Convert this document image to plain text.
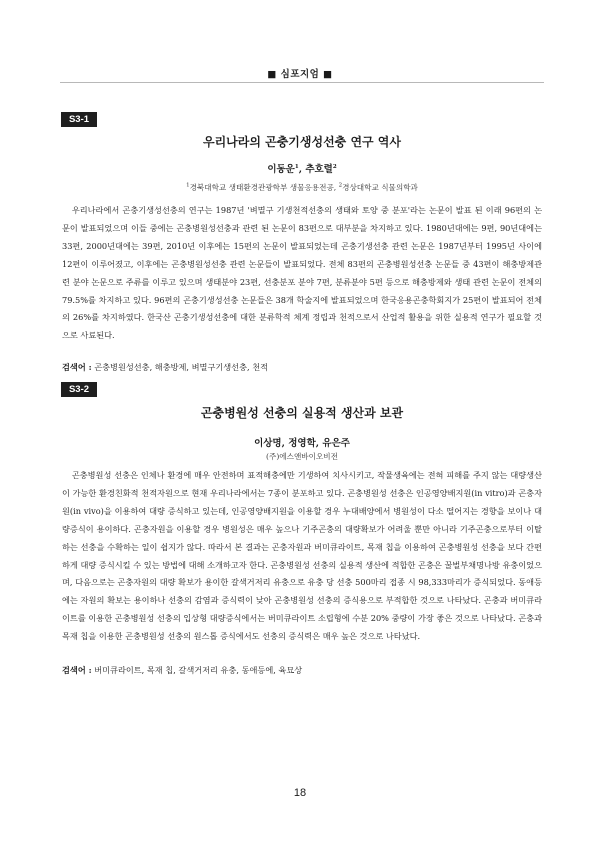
■ 심포지엄 ■
S3-1
우리나라의 곤충기생성선충 연구 역사
이동운$^1$, 추호렬$^2$
$^1$경북대학교 생태환경관광학부 생물응용전공, $^2$경상대학교 식물의학과

우리나라에서 곤충기생성선충의 연구는 1987년 '벼멸구 기생천적선충의 생태와 토양 중 분포'라는 논문이 발표 된 이래 96편의 논문이 발표되었으며 이들 중에는 곤충병원성선충과 관련 된 논문이 83편으로 대부분을 차지하고 있다. 1980년대에는 9편, 90년대에는 33편, 2000년대에는 39편, 2010년 이후에는 15편의 논문이 발표되었는데 곤충기생선충 관련 논문은 1987년부터 1995년 사이에 12편이 이루어졌고, 이후에는 곤충병원성선충 관련 논문들이 발표되었다. 전체 83편의 곤충병원성선충 논문들 중 43편이 해충방제관련 분야 논문으로 주류를 이루고 있으며 생태분야 23편, 선충분포 분야 7편, 분류분야 5편 등으로 해충방제와 생태 관련 논문이 전체의 79.5%를 차지하고 있다. 96편의 곤충기생성선충 논문들은 38개 학술지에 발표되었으며 한국응용곤충학회지가 25편이 발표되어 전체의 26%를 차지하였다. 한국산 곤충기생성선충에 대한 분류학적 체계 정립과 천적으로서 산업적 활용을 위한 실용적 연구가 필요할 것으로 사료된다.

검색어 : 곤충병원성선충, 해충방제, 벼멸구기생선충, 천적
S3-2
곤충병원성 선충의 실용적 생산과 보관
이상명, 정영학, 유은주
(주)에스앤바이오비전

곤충병원성 선충은 인체나 환경에 매우 안전하며 표적해충에만 기생하여 치사시키고, 작물생육에는 전혀 피해를 주지 않는 대량생산이 가능한 환경친화적 천적자원으로 현재 우리나라에서는 7종이 분포하고 있다. 곤충병원성 선충은 인공영양배지원(in vitro)과 곤충자원(in vivo)을 이용하여 대량 증식하고 있는데, 인공영양배지원을 이용할 경우 누대배양에서 병원성이 다소 떨어지는 경향을 보이나 대량증식이 용이하다. 곤충자원을 이용할 경우 병원성은 매우 높으나 기주곤충의 대량확보가 어려울 뿐만 아니라 기주곤충으로부터 이탈하는 선충을 수확하는 일이 쉽지가 않다. 따라서 본 결과는 곤충자원과 버미큐라이트, 목재 칩을 이용하여 곤충병원성 선충을 보다 간편하게 대량 증식시킬 수 있는 방법에 대해 소개하고자 한다. 곤충병원성 선충의 실용적 생산에 적합한 곤충은 꿀벌부채명나방 유충이었으며, 다음으로는 곤충자원의 대량 확보가 용이한 갈색거저리 유충으로 유충 당 선충 500마리 접종 시 98,333마리가 증식되었다. 동애등에는 자원의 확보는 용이하나 선충의 감염과 증식력이 낮아 곤충병원성 선충의 증식용으로 부적합한 것으로 나타났다. 곤충과 버미큐라이트를 이용한 곤충병원성 선충의 입상형 대량증식에서는 버미큐라이트 소립형에 수분 20% 중량이 가장 좋은 것으로 나타났다. 곤충과 목재 칩을 이용한 곤충병원성 선충의 원스톱 증식에서도 선충의 증식력은 매우 높은 것으로 나타났다.

검색어 : 버미큐라이트, 목재 칩, 갈색거저리 유충, 동애등에, 육묘상
18
